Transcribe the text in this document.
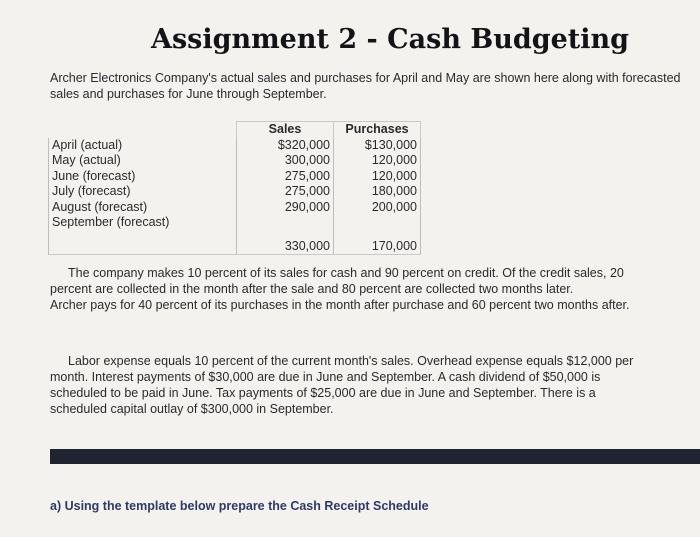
Assignment 2 - Cash Budgeting
Archer Electronics Company's actual sales and purchases for April and May are shown here along with forecasted sales and purchases for June through September.
	Sales	Purchases
April (actual)	$320,000	$130,000
May (actual)	300,000	120,000
June (forecast)	275,000	120,000
July (forecast)	275,000	180,000
August (forecast)	290,000	200,000
September (forecast)		

	330,000	170,000
The company makes 10 percent of its sales for cash and 90 percent on credit. Of the credit sales, 20
percent are collected in the month after the sale and 80 percent are collected two months later.
Archer pays for 40 percent of its purchases in the month after purchase and 60 percent two months after.
Labor expense equals 10 percent of the current month's sales. Overhead expense equals $12,000 per
month. Interest payments of $30,000 are due in June and September. A cash dividend of $50,000 is
scheduled to be paid in June. Tax payments of $25,000 are due in June and September. There is a
scheduled capital outlay of $300,000 in September.
a) Using the template below prepare the Cash Receipt Schedule
